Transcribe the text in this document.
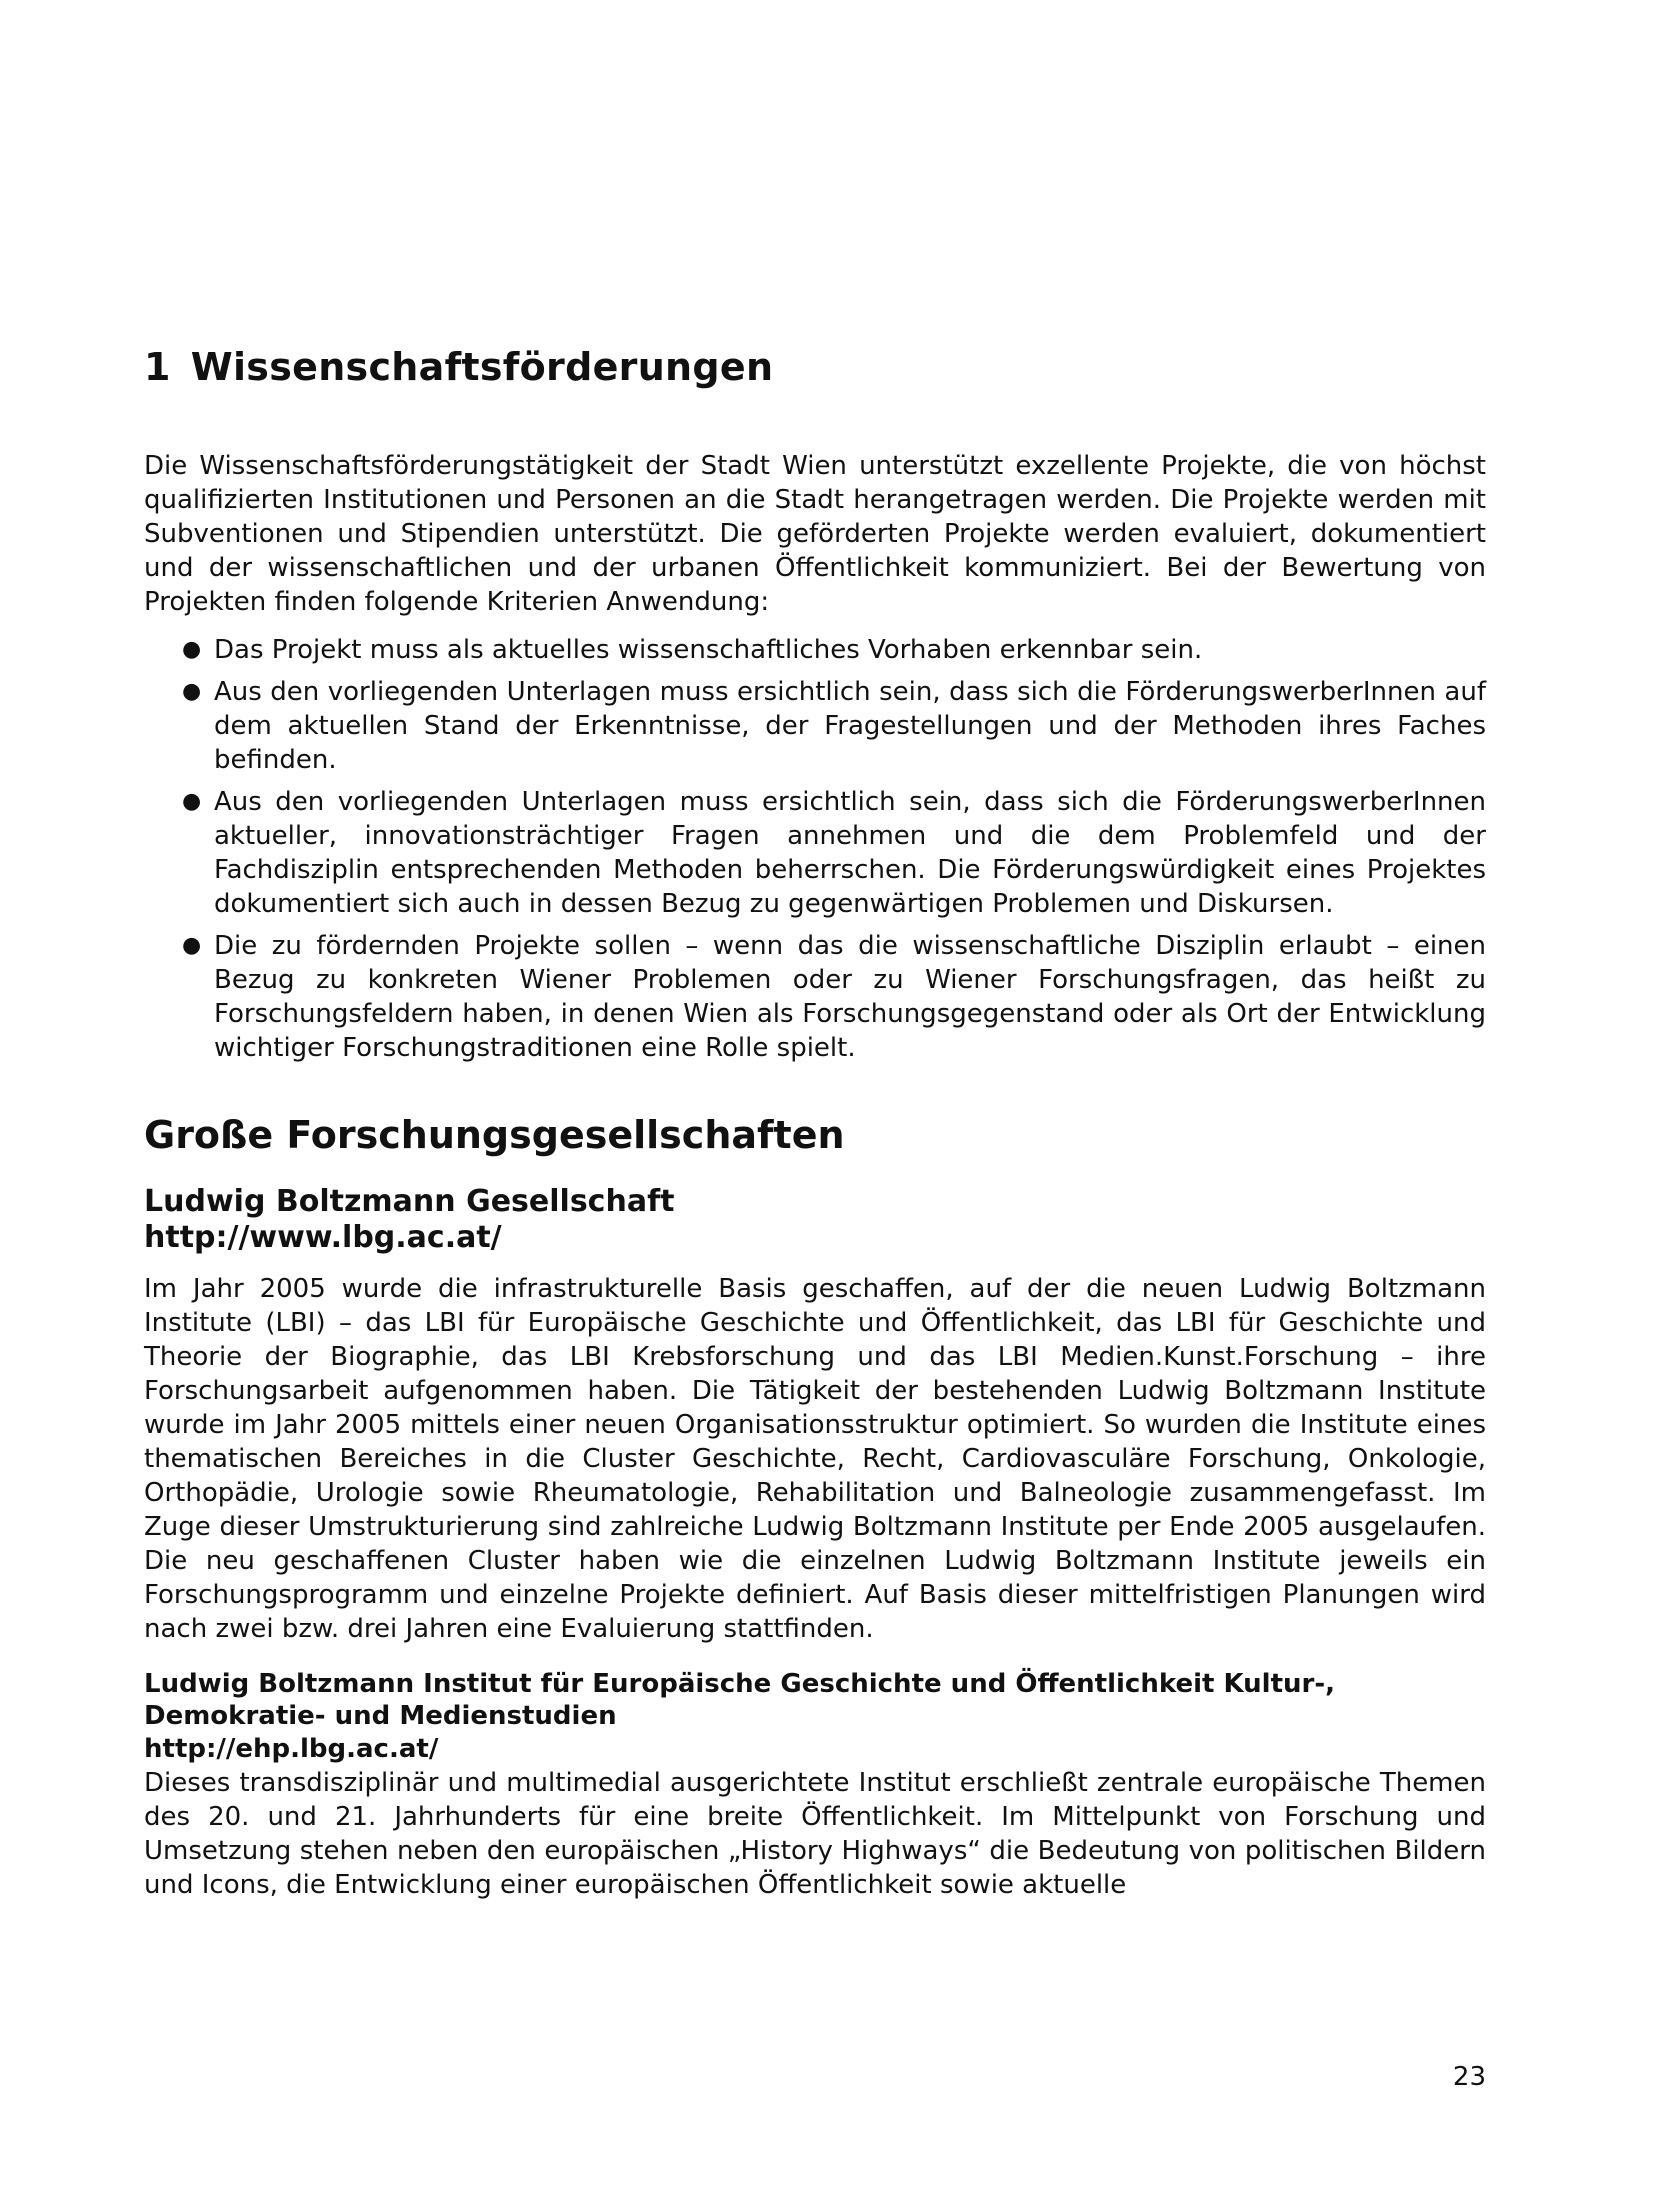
1 Wissenschaftsförderungen

Die Wissenschaftsförderungstätigkeit der Stadt Wien unterstützt exzellente Projekte, die von höchst qualifizierten Institutionen und Personen an die Stadt herangetragen werden. Die Projekte werden mit Subventionen und Stipendien unterstützt. Die geförderten Projekte werden evaluiert, dokumentiert und der wissenschaftlichen und der urbanen Öffentlichkeit kommuniziert. Bei der Bewertung von Projekten finden folgende Kriterien Anwendung:

● Das Projekt muss als aktuelles wissenschaftliches Vorhaben erkennbar sein.
● Aus den vorliegenden Unterlagen muss ersichtlich sein, dass sich die FörderungswerberInnen auf dem aktuellen Stand der Erkenntnisse, der Fragestellungen und der Methoden ihres Faches befinden.
● Aus den vorliegenden Unterlagen muss ersichtlich sein, dass sich die FörderungswerberInnen aktueller, innovationsträchtiger Fragen annehmen und die dem Problemfeld und der Fachdisziplin entsprechenden Methoden beherrschen. Die Förderungswürdigkeit eines Projektes dokumentiert sich auch in dessen Bezug zu gegenwärtigen Problemen und Diskursen.
● Die zu fördernden Projekte sollen – wenn das die wissenschaftliche Disziplin erlaubt – einen Bezug zu konkreten Wiener Problemen oder zu Wiener Forschungsfragen, das heißt zu Forschungsfeldern haben, in denen Wien als Forschungsgegenstand oder als Ort der Entwicklung wichtiger Forschungstraditionen eine Rolle spielt.
Große Forschungsgesellschaften
Ludwig Boltzmann Gesellschaft
http://www.lbg.ac.at/

Im Jahr 2005 wurde die infrastrukturelle Basis geschaffen, auf der die neuen Ludwig Boltzmann Institute (LBI) – das LBI für Europäische Geschichte und Öffentlichkeit, das LBI für Geschichte und Theorie der Biographie, das LBI Krebsforschung und das LBI Medien.Kunst.Forschung – ihre Forschungsarbeit aufgenommen haben. Die Tätigkeit der bestehenden Ludwig Boltzmann Institute wurde im Jahr 2005 mittels einer neuen Organisationsstruktur optimiert. So wurden die Institute eines thematischen Bereiches in die Cluster Geschichte, Recht, Cardiovasculäre Forschung, Onkologie, Orthopädie, Urologie sowie Rheumatologie, Rehabilitation und Balneologie zusammengefasst. Im Zuge dieser Umstrukturierung sind zahlreiche Ludwig Boltzmann Institute per Ende 2005 ausgelaufen. Die neu geschaffenen Cluster haben wie die einzelnen Ludwig Boltzmann Institute jeweils ein Forschungsprogramm und einzelne Projekte definiert. Auf Basis dieser mittelfristigen Planungen wird nach zwei bzw. drei Jahren eine Evaluierung stattfinden.

Ludwig Boltzmann Institut für Europäische Geschichte und Öffentlichkeit Kultur-, Demokratie- und Medienstudien
http://ehp.lbg.ac.at/

Dieses transdisziplinär und multimedial ausgerichtete Institut erschließt zentrale europäische Themen des 20. und 21. Jahrhunderts für eine breite Öffentlichkeit. Im Mittelpunkt von Forschung und Umsetzung stehen neben den europäischen „History Highways“ die Bedeutung von politischen Bildern und Icons, die Entwicklung einer europäischen Öffentlichkeit sowie aktuelle

23
